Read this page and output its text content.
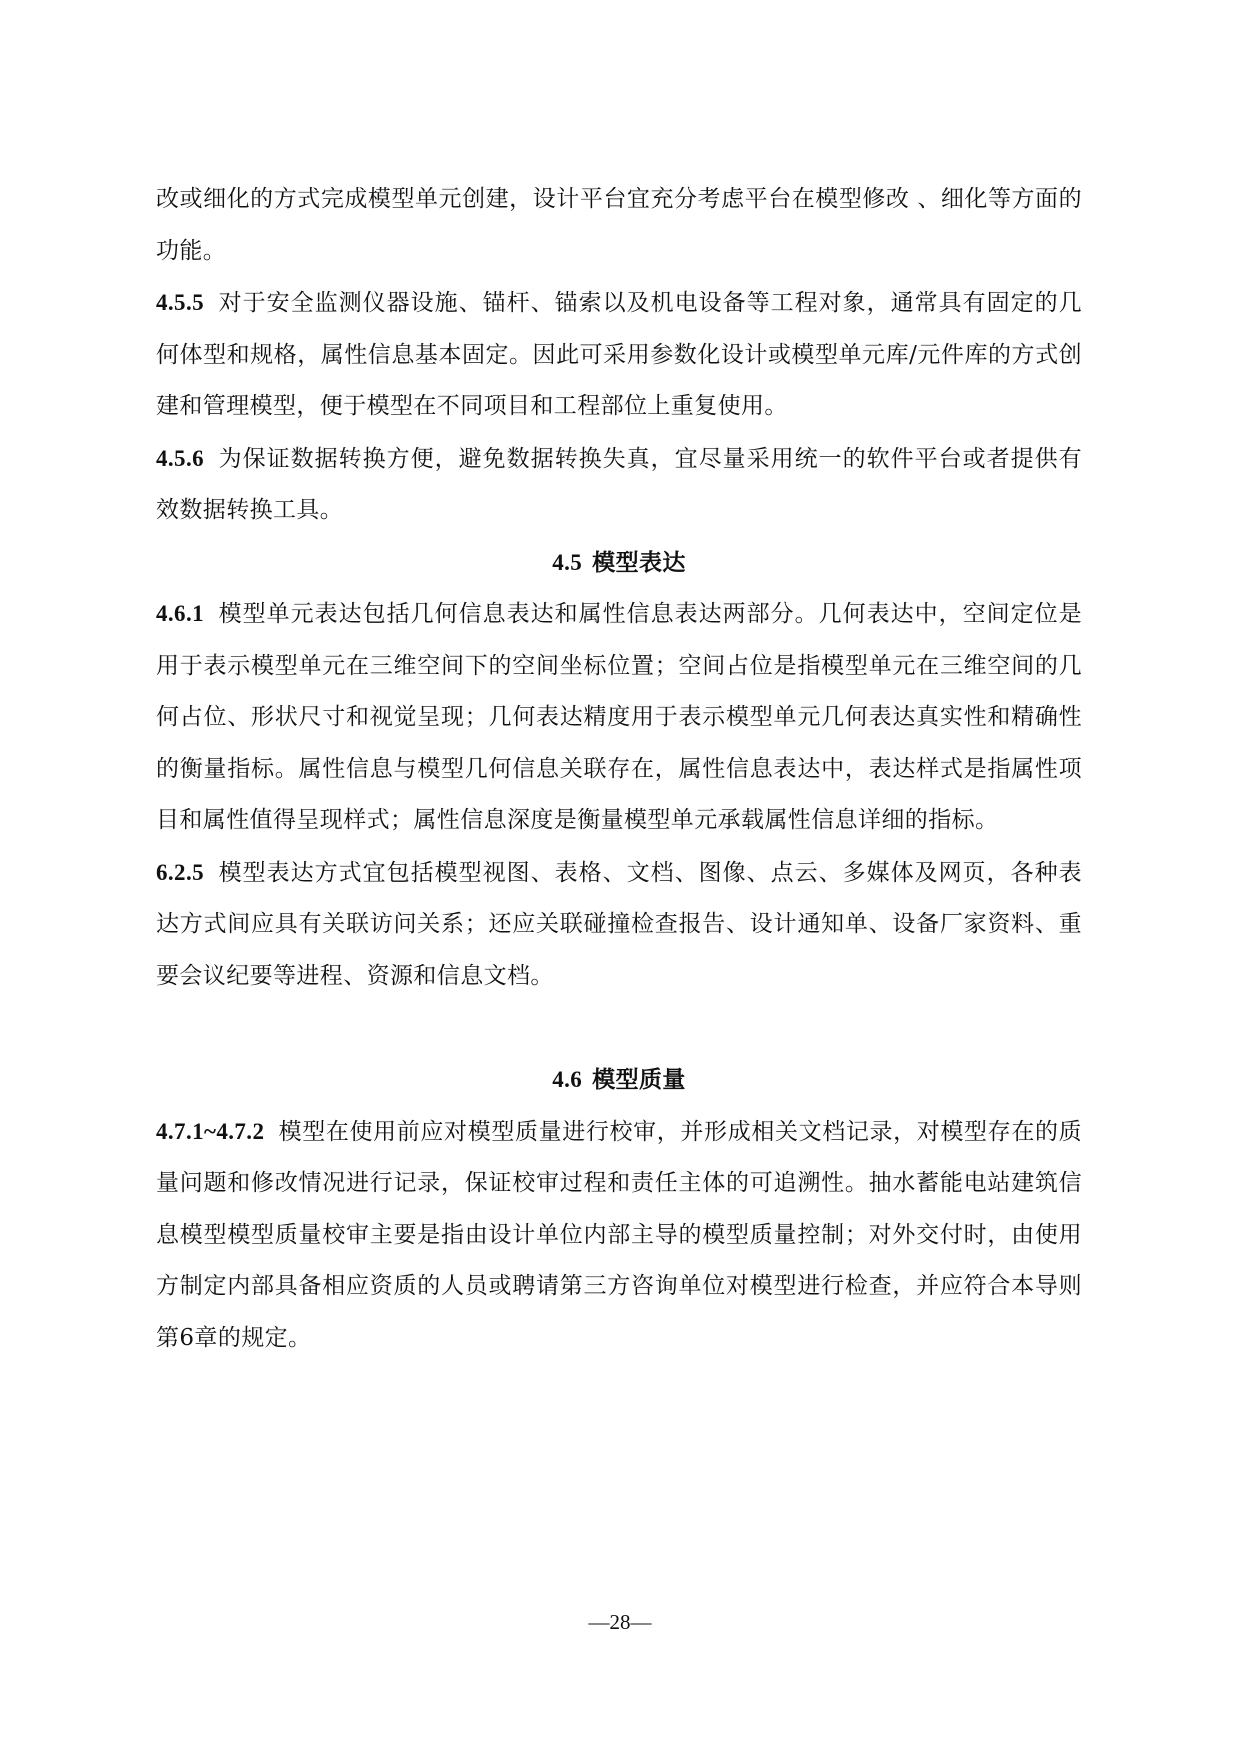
改或细化的方式完成模型单元创建，设计平台宜充分考虑平台在模型修改 、细化等方面的功能。

4.5.5 对于安全监测仪器设施、锚杆、锚索以及机电设备等工程对象，通常具有固定的几何体型和规格，属性信息基本固定。因此可采用参数化设计或模型单元库/元件库的方式创建和管理模型，便于模型在不同项目和工程部位上重复使用。

4.5.6 为保证数据转换方便，避免数据转换失真，宜尽量采用统一的软件平台或者提供有效数据转换工具。

4.5 模型表达

4.6.1 模型单元表达包括几何信息表达和属性信息表达两部分。几何表达中，空间定位是用于表示模型单元在三维空间下的空间坐标位置；空间占位是指模型单元在三维空间的几何占位、形状尺寸和视觉呈现；几何表达精度用于表示模型单元几何表达真实性和精确性的衡量指标。属性信息与模型几何信息关联存在，属性信息表达中，表达样式是指属性项目和属性值得呈现样式；属性信息深度是衡量模型单元承载属性信息详细的指标。

6.2.5 模型表达方式宜包括模型视图、表格、文档、图像、点云、多媒体及网页，各种表达方式间应具有关联访问关系；还应关联碰撞检查报告、设计通知单、设备厂家资料、重要会议纪要等进程、资源和信息文档。

4.6 模型质量

4.7.1~4.7.2 模型在使用前应对模型质量进行校审，并形成相关文档记录，对模型存在的质量问题和修改情况进行记录，保证校审过程和责任主体的可追溯性。抽水蓄能电站建筑信息模型模型质量校审主要是指由设计单位内部主导的模型质量控制；对外交付时，由使用方制定内部具备相应资质的人员或聘请第三方咨询单位对模型进行检查，并应符合本导则第6章的规定。

—28—
